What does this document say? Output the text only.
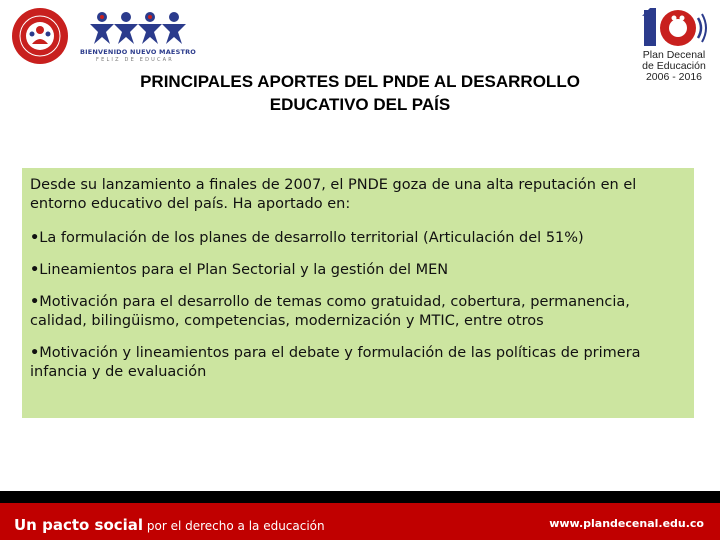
BIENVENIDO NUEVO MAESTRO
FELIZ DE EDUCAR	Plan Decenal
de Educación
2006 - 2016
PRINCIPALES APORTES DEL PNDE AL DESARROLLO
EDUCATIVO DEL PAÍS

Desde su lanzamiento a finales de 2007, el PNDE goza de una alta reputación en el entorno educativo del país. Ha aportado en:

•La formulación de los planes de desarrollo territorial (Articulación del 51%)

•Lineamientos para el Plan Sectorial y la gestión del MEN

•Motivación para el desarrollo de temas como gratuidad, cobertura, permanencia, calidad, bilingüismo, competencias, modernización y MTIC, entre otros

•Motivación y lineamientos para el debate y formulación de las políticas de primera infancia y de evaluación

Un pacto social por el derecho a la educación	www.plandecenal.edu.co
